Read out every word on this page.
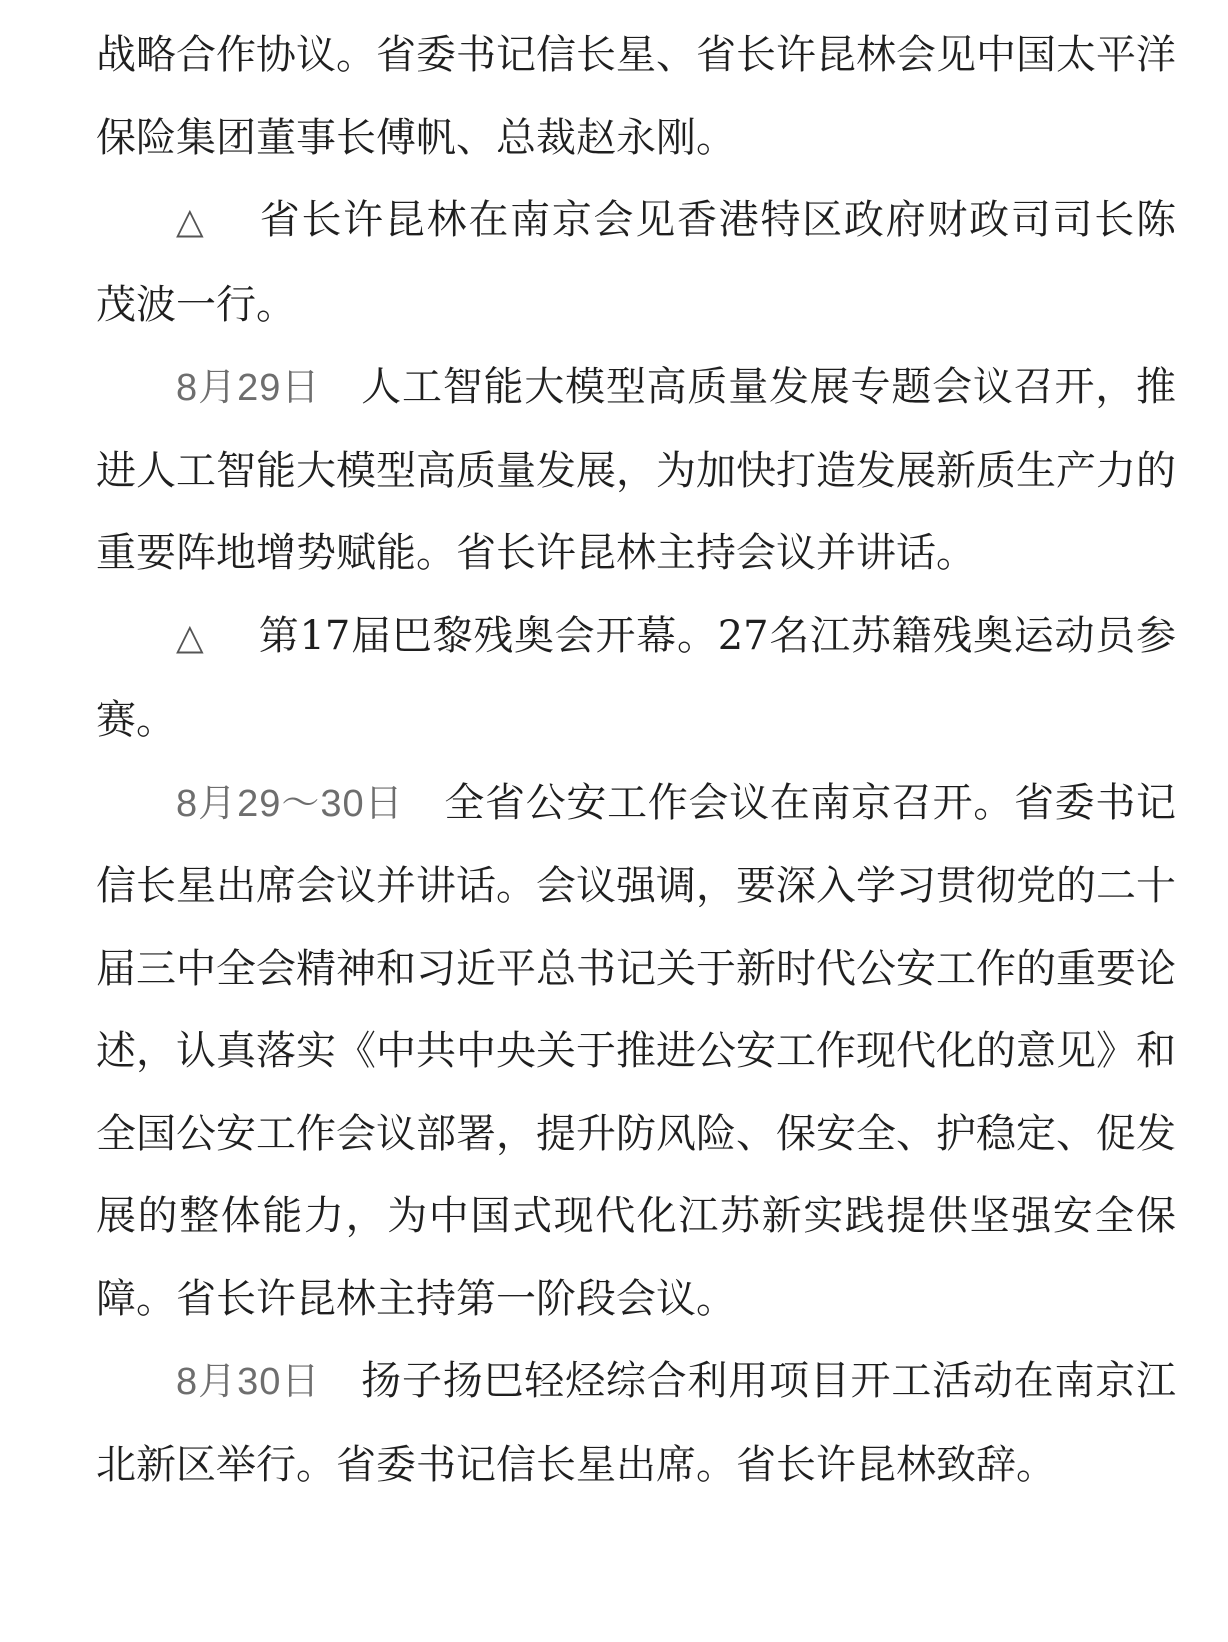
战略合作协议。省委书记信长星、省长许昆林会见中国太平洋保险集团董事长傅帆、总裁赵永刚。

△ 省长许昆林在南京会见香港特区政府财政司司长陈茂波一行。

8月29日 人工智能大模型高质量发展专题会议召开，推进人工智能大模型高质量发展，为加快打造发展新质生产力的重要阵地增势赋能。省长许昆林主持会议并讲话。

△ 第17届巴黎残奥会开幕。27名江苏籍残奥运动员参赛。

8月29～30日 全省公安工作会议在南京召开。省委书记信长星出席会议并讲话。会议强调，要深入学习贯彻党的二十届三中全会精神和习近平总书记关于新时代公安工作的重要论述，认真落实《中共中央关于推进公安工作现代化的意见》和全国公安工作会议部署，提升防风险、保安全、护稳定、促发展的整体能力，为中国式现代化江苏新实践提供坚强安全保障。省长许昆林主持第一阶段会议。

8月30日 扬子扬巴轻烃综合利用项目开工活动在南京江北新区举行。省委书记信长星出席。省长许昆林致辞。
